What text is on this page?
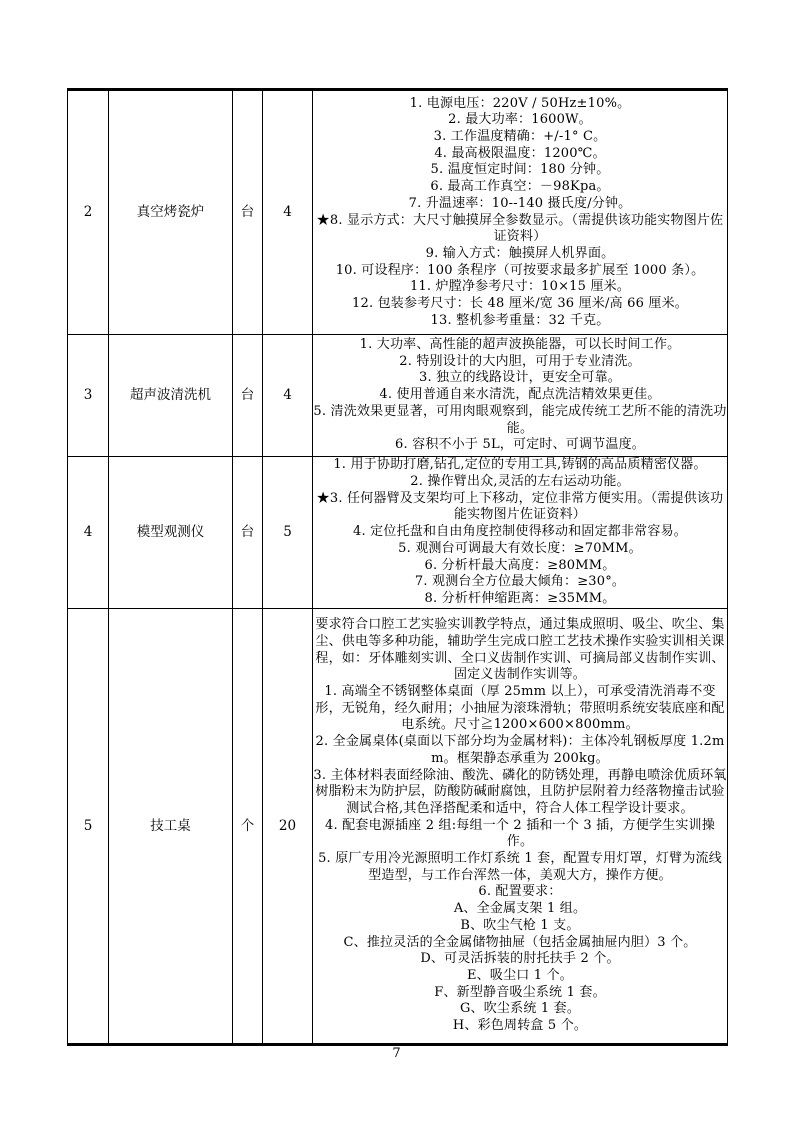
2	真空烤瓷炉	台	4	
1. 电源电压：220V / 50Hz±10%。
2. 最大功率：1600W。
3. 工作温度精确：+/-1° C。
4. 最高极限温度：1200℃。
5. 温度恒定时间：180 分钟。
6. 最高工作真空：－98Kpa。
7. 升温速率：10--140 摄氏度/分钟。
★8. 显示方式：大尺寸触摸屏全参数显示。（需提供该功能实物图片佐证资料）
9. 输入方式：触摸屏人机界面。
10. 可设程序：100 条程序（可按要求最多扩展至 1000 条）。
11. 炉膛净参考尺寸：10×15 厘米。
12. 包装参考尺寸：长 48 厘米/宽 36 厘米/高 66 厘米。
13. 整机参考重量：32 千克。

3	超声波清洗机	台	4	
1. 大功率、高性能的超声波换能器，可以长时间工作。
2. 特别设计的大内胆，可用于专业清洗。
3. 独立的线路设计，更安全可靠。
4. 使用普通自来水清洗，配点洗洁精效果更佳。
5. 清洗效果更显著，可用肉眼观察到，能完成传统工艺所不能的清洗功能。
6. 容积不小于 5L，可定时、可调节温度。

4	模型观测仪	台	5	
1. 用于协助打磨,钻孔,定位的专用工具,铸钢的高品质精密仪器。
2. 操作臂出众,灵活的左右运动功能。
★3. 任何器臂及支架均可上下移动，定位非常方便实用。（需提供该功能实物图片佐证资料）
4. 定位托盘和自由角度控制使得移动和固定都非常容易。
5. 观测台可调最大有效长度：≥70MM。
6. 分析杆最大高度：≥80MM。
7. 观测台全方位最大倾角：≥30°。
8. 分析杆伸缩距离：≥35MM。

5	技工桌	个	20	
要求符合口腔工艺实验实训教学特点，通过集成照明、吸尘、吹尘、集尘、供电等多种功能，辅助学生完成口腔工艺技术操作实验实训相关课程，如：牙体雕刻实训、全口义齿制作实训、可摘局部义齿制作实训、固定义齿制作实训等。
1. 高端全不锈钢整体桌面（厚 25mm 以上），可承受清洗消毒不变形，无锐角，经久耐用；小抽屉为滚珠滑轨；带照明系统安装底座和配电系统。尺寸≧1200×600×800mm。
2. 全金属桌体(桌面以下部分均为金属材料)：主体冷轧钢板厚度 1.2mm。框架静态承重为 200kg。
3. 主体材料表面经除油、酸洗、磷化的防锈处理，再静电喷涂优质环氧树脂粉末为防护层，防酸防碱耐腐蚀，且防护层附着力经落物撞击试验测试合格,其色泽搭配柔和适中，符合人体工程学设计要求。
4. 配套电源插座 2 组:每组一个 2 插和一个 3 插，方便学生实训操作。
5. 原厂专用冷光源照明工作灯系统 1 套，配置专用灯罩，灯臂为流线型造型，与工作台浑然一体，美观大方，操作方便。
6. 配置要求：
A、全金属支架 1 组。
B、吹尘气枪 1 支。
C、推拉灵活的全金属储物抽屉（包括金属抽屉内胆）3 个。
D、可灵活拆装的肘托扶手 2 个。
E、吸尘口 1 个。
F、新型静音吸尘系统 1 套。
G、吹尘系统 1 套。
H、彩色周转盒 5 个。
7
